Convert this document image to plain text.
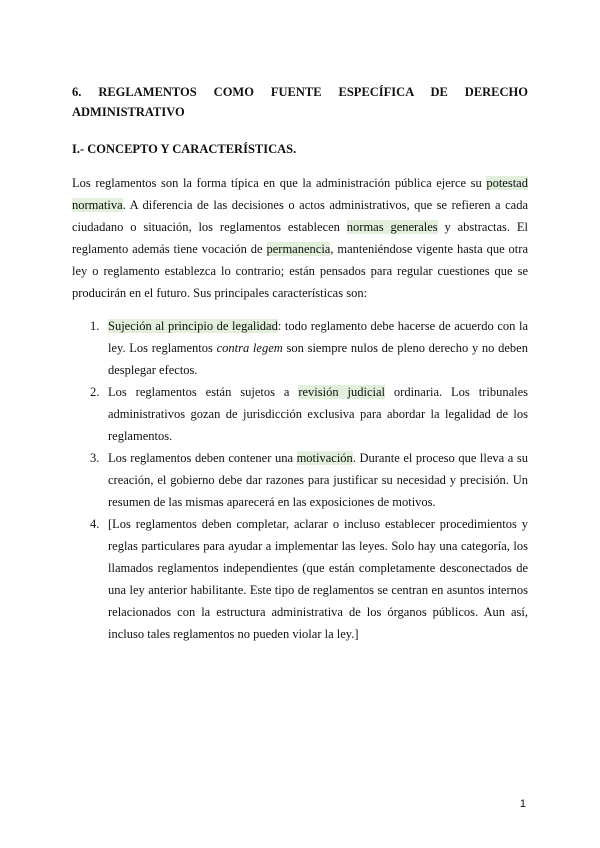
6. REGLAMENTOS COMO FUENTE ESPECÍFICA DE DERECHO
ADMINISTRATIVO
I.- CONCEPTO Y CARACTERÍSTICAS.
Los reglamentos son la forma típica en que la administración pública ejerce su potestad normativa. A diferencia de las decisiones o actos administrativos, que se refieren a cada ciudadano o situación, los reglamentos establecen normas generales y abstractas. El reglamento además tiene vocación de permanencia, manteniéndose vigente hasta que otra ley o reglamento establezca lo contrario; están pensados para regular cuestiones que se producirán en el futuro. Sus principales características son:
1. Sujeción al principio de legalidad: todo reglamento debe hacerse de acuerdo con la ley. Los reglamentos contra legem son siempre nulos de pleno derecho y no deben desplegar efectos.
2. Los reglamentos están sujetos a revisión judicial ordinaria. Los tribunales administrativos gozan de jurisdicción exclusiva para abordar la legalidad de los reglamentos.
3. Los reglamentos deben contener una motivación. Durante el proceso que lleva a su creación, el gobierno debe dar razones para justificar su necesidad y precisión. Un resumen de las mismas aparecerá en las exposiciones de motivos.
4. [Los reglamentos deben completar, aclarar o incluso establecer procedimientos y reglas particulares para ayudar a implementar las leyes. Solo hay una categoría, los llamados reglamentos independientes (que están completamente desconectados de una ley anterior habilitante. Este tipo de reglamentos se centran en asuntos internos relacionados con la estructura administrativa de los órganos públicos. Aun así, incluso tales reglamentos no pueden violar la ley.]
1
